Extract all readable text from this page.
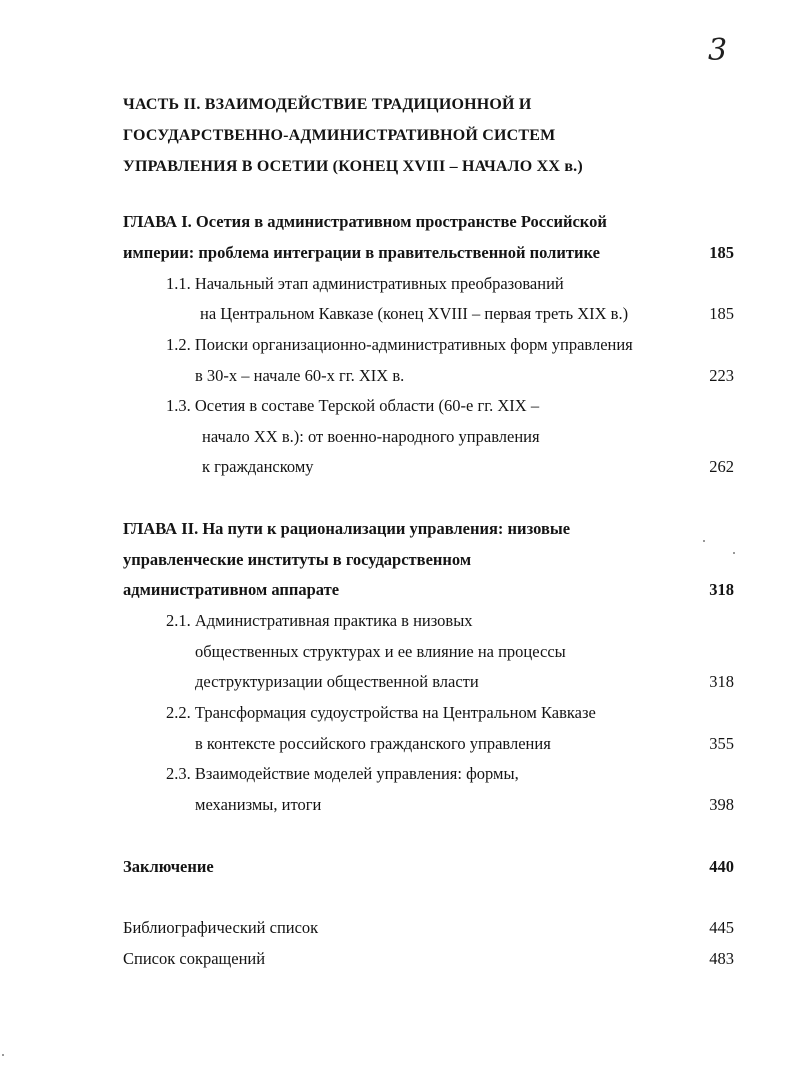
3
ЧАСТЬ II. ВЗАИМОДЕЙСТВИЕ ТРАДИЦИОННОЙ И
ГОСУДАРСТВЕННО-АДМИНИСТРАТИВНОЙ СИСТЕМ
УПРАВЛЕНИЯ В ОСЕТИИ (КОНЕЦ XVIII – НАЧАЛО XX в.)
ГЛАВА I. Осетия в административном пространстве Российской
империи: проблема интеграции в правительственной политике	185
1.1. Начальный этап административных преобразований
на Центральном Кавказе (конец XVIII – первая треть XIX в.)	185
1.2. Поиски организационно-административных форм управления
в 30-х – начале 60-х гг. XIX в.	223
1.3. Осетия в составе Терской области (60-е гг. XIX –
начало XX в.): от военно-народного управления
к гражданскому	262
ГЛАВА II. На пути к рационализации управления: низовые
управленческие институты в государственном
административном аппарате	318
2.1. Административная практика в низовых
общественных структурах и ее влияние на процессы
деструктуризации общественной власти	318
2.2. Трансформация судоустройства на Центральном Кавказе
в контексте российского гражданского управления	355
2.3. Взаимодействие моделей управления: формы,
механизмы, итоги	398
Заключение	440
Библиографический список	445
Список сокращений	483
